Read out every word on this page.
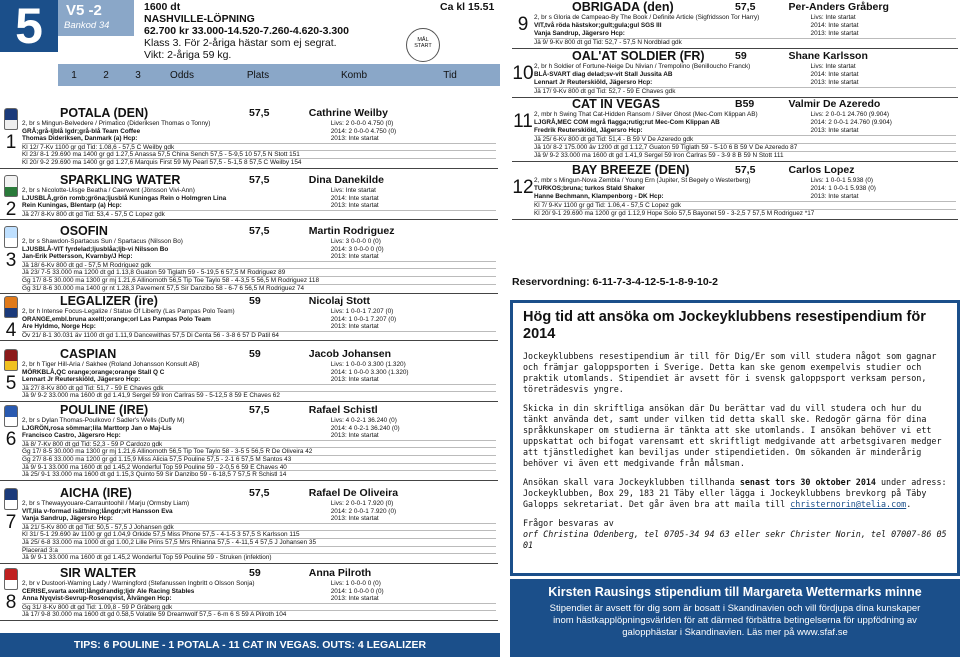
5	V5 -2
Bankod 34
1600 dt
NASHVILLE-LÖPNING
62.700 kr 33.000-14.520-7.260-4.620-3.300
Klass 3. För 2-åriga hästar som ej segrat.
Vikt: 2-åriga 59 kg.
Ca kl 15.51
MÅL
START
1	2	3	Odds	Plats	Komb	Tid
1
POTALA (DEN)	57,5	Cathrine Weilby
2, br s Mingun-Belvedere / Primatico (Dideriksen Thomas o Tonny)	Livs: 2 0-0-0 4.750 (0)
GRÅ;grå-ljblå lgdr;grå-blå Team Coffee	2014: 2 0-0-0 4.750 (0)
Thomas Dideriksen, Danmark (a) Hcp:	2013: Inte startat
Kl 12/ 7-Kv 1100 gr gd Tid: 1.08,6 - 57,5 C Weilby gdk
Kl 23/ 8-1 29.690 ma 1400 gr gd 1.27,5 Anassa 57,5 China Sench 57,5 - 5-9,5 10 57,5 N Stott 151
Kl 20/ 9-2 29.690 ma 1400 gr gd 1.27,6 Marquis First 59 My Pearl 57,5 - 5-1,5 8 57,5 C Weilby 154
2
SPARKLING WATER	57,5	Dina Danekilde
2, br s Nicolotte-Uisge Beatha / Caerwent (Jönsson Vivi-Ann)	Livs: Inte startat
LJUSBLÅ,grön romb;gröna;ljusblå Kuningas Rein o Holmgren Lina	2014: Inte startat
Rein Kuningas, Blentarp (a) Hcp:	2013: Inte startat
Jä 27/ 8-Kv 800 dt gd Tid: 53,4 - 57,5 C Lopez gdk
3
OSOFIN	57,5	Martin Rodriguez
2, br s Shawdon-Spartacus Sun / Spartacus (Nilsson Bo)	Livs: 3 0-0-0 0 (0)
LJUSBLÅ-VIT fyrdelad;ljusblåa;ljb-vi Nilsson Bo	2014: 3 0-0-0 0 (0)
Jan-Erik Pettersson, Kvarnby/J Hcp:	2013: Inte startat
Jä 18/ 6-Kv 800 dt gd - 57,5 M Rodriguez gdk
Jä 23/ 7-5 33.000 ma 1200 dt gd 1.13,8 Guaton 59 Tiglath 59 - 5-19,5 6 57,5 M Rodriguez 89
Gg 17/ 8-5 30.000 ma 1300 gr mj 1.21,6 Allinornoth 56,5 Tip Toe Taylo 58 - 4-3,5 5 56,5 M Rodriguez 118
Gg 31/ 8-6 30.000 ma 1400 gr nt 1.28,3 Pavement 57,5 Sir Danzibo 58 - 6-7 6 56,5 M Rodriguez 74
4
LEGALIZER (ire)	59	Nicolaj Stott
2, br h Intense Focus-Legalize / Statue Of Liberty (Las Pampas Polo Team)	Livs: 1 0-0-1 7.207 (0)
ORANGE,embl.bruna axeltl;orange;orl Las Pampas Polo Team	2014: 1 0-0-1 7.207 (0)
Are Hyldmo, Norge Hcp:	2013: Inte startat
Öv 21/ 8-1 30.031 äv 1100 dt gd 1.11,9 Dancewithas 57,5 Di Centa 56 - 3-8 6 57 D Patil 64
5
CASPIAN	59	Jacob Johansen
2, br h Tiger Hill-Aria / Sakhee (Roland Johansson Konsult AB)	Livs: 1 0-0-0 3.300 (1.320)
MÖRKBLÅ,QC orange;orange;orange Stall Q C	2014: 1 0-0-0 3.300 (1.320)
Lennart Jr Reuterskiöld, Jägersro Hcp:	2013: Inte startat
Jä 27/ 8-Kv 800 dt gd Tid: 51,7 - 59 E Chaves gdk
Jä 9/ 9-2 33.000 ma 1600 dt gd 1.41,9 Sergel 59 Iron Carlras 59 - 5-12,5 8 59 E Chaves 62
6
POULINE (IRE)	57,5	Rafael Schistl
2, br s Dylan Thomas-Poulkovo / Sadler's Wells (Duffy M)	Livs: 4 0-2-1 36.240 (0)
LJGRÖN,rosa sömmar;lila Marttorp Jan o Maj-Lis	2014: 4 0-2-1 36.240 (0)
Francisco Castro, Jägersro Hcp:	2013: Inte startat
Jä 8/ 7-Kv 800 dt gd Tid: 52,3 - 59 P Cardozo gdk
Gg 17/ 8-5 30.000 ma 1300 gr mj 1.21,6 Allinornoth 56,5 Tip Toe Taylo 58 - 3-5 5 56,5 R De Oliveira 42
Gg 27/ 8-6 33.000 ma 1200 gr gd 1.15,9 Miss Alicia 57,5 Pouline 57,5 - 2-1 6 57,5 M Santos 43
Jä 9/ 9-1 33.000 ma 1600 dt gd 1.45,2 Wonderful Top 59 Pouline 59 - 2-0,5 6 59 E Chaves 40
Jä 25/ 9-1 33.000 ma 1600 dt gd 1.15,3 Quinto 59 Sir Danzibo 59 - 6-18,5 7 57,5 R Schistl 14
7
AICHA (IRE)	57,5	Rafael De Oliveira
2, br s Thewayyouare-Carrauntoohil / Marju (Ormsby Liam)	Livs: 2 0-0-1 7.920 (0)
VIT,lila v-formad isättning;långdr;vit Hansson Eva	2014: 2 0-0-1 7.920 (0)
Vanja Sandrup, Jägersro Hcp:	2013: Inte startat
Jä 21/ 5-Kv 800 dt gd Tid: 50,5 - 57,5 J Johansen gdk
Kl 31/ 5-1 29.690 äv 1100 gr gd 1.04,9 Orkide 57,5 Miss Phone 57,5 - 4-1-5 3 57,5 S Karlsson 115
Jä 25/ 6-8 33.000 ma 1000 dt gd 1.00,2 Lille Prins 57,5 Mrs Rhianna 57,5 - 4-11,5 4 57,5 J Johansen 35
Placerad 3:a
Jä 9/ 9-1 33.000 ma 1600 dt gd 1.45,2 Wonderful Top 59 Pouline 59 - Struken (infektion)
8
SIR WALTER	59	Anna Pilroth
2, br v Dustoori-Warning Lady / Warningford (Stefanussen Ingbritt o Olsson Sonja)	Livs: 1 0-0-0 0 (0)
CERISE,svarta axeltl;långdrandig;ljdr Ale Racing Stables	2014: 1 0-0-0 0 (0)
Anna Nyqvist-Sevrup-Rosenqvist, Ålvängen Hcp:	2013: Inte startat
Gg 31/ 8-Kv 800 dt gd Tid: 1.09,8 - 59 P Grâberg gdk
Jä 17/ 9-8 30.000 ma 1600 dt gd 0.58,5 Volatile 59 Dreamwolf 57,5 - 6-m 6 S 59 A Pilroth 104
9
OBRIGADA (den)	57,5	Per-Anders Gråberg
2, br s Gloria de Campeao-By The Book / Definite Article (Sigfridsson Tor Harry)	Livs: Inte startat
VIT,två röda hästskor;gult;gula;gul SGS III	2014: Inte startat
Vanja Sandrup, Jägersro Hcp:	2013: Inte startat
Jä 9/ 9-Kv 800 dt gd Tid: 52,7 - 57,5 N Nordblad gdk
10
OAL'AT SOLDIER (FR)	59	Shane Karlsson
2, br h Soldier of Fortune-Neige Du Nivian / Trempolino (Benilloucho Franck)	Livs: Inte startat
BLÅ-SVART diag delad;sv-vit Stall Jussita AB	2014: Inte startat
Lennart Jr Reuterskiöld, Jägersro Hcp:	2013: Inte startat
Jä 17/ 9-Kv 800 dt gd Tid: 52,7 - 59 E Chaves gdk
11
CAT IN VEGAS	B59	Valmir De Azeredo
2, mbr h Swing That Cat-Hidden Ransom / Silver Ghost (Mec-Com Klippan AB)	Livs: 2 0-0-1 24.760 (9.904)
LJGRÅ,MEC COM mgrå flagga;rutig;rut Mec-Com Klippan AB	2014: 2 0-0-1 24.760 (9.904)
Fredrik Reuterskiöld, Jägersro Hcp:	2013: Inte startat
Jä 25/ 6-Kv 800 dt gd Tid: 51,4 - B 59 V De Azeredo gdk
Jä 10/ 8-2 175.000 äv 1200 dt gd 1.12,7 Guaton 59 Tiglath 59 - 5-10 6 B 59 V De Azeredo 87
Jä 9/ 9-2 33.000 ma 1600 dt gd 1.41,9 Sergel 59 Iron Carlras 59 - 3-9 8 B 59 N Stott 111
12
BAY BREEZE (DEN)	57,5	Carlos Lopez
2, mbr s Mingun-Nova Zembla / Young Ern (Jupiter, St Begely o Westerberg)	Livs: 1 0-0-1 5.938 (0)
TURKOS;bruna; turkos Stald Shaker	2014: 1 0-0-1 5.938 (0)
Hanne Bechmann, Klampenborg - DK Hcp:	2013: Inte startat
Kl 7/ 9-Kv 1100 gr gd Tid: 1.06,4 - 57,5 C Lopez gdk
Kl 20/ 9-1 29.690 ma 1200 gr gd 1.12,9 Hope Solo 57,5 Bayonet 59 - 3-2,5 7 57,5 M Rodriguez *17
TIPS: 6 POULINE - 1 POTALA - 11 CAT IN VEGAS. OUTS: 4 LEGALIZER
Reservordning: 6-11-7-3-4-12-5-1-8-9-10-2
Hög tid att ansöka om Jockeyklubbens resestipendium för 2014

Jockeyklubbens resestipendium är till för Dig/Er som vill studera något som gagnar och främjar galoppsporten i Sverige. Detta kan ske genom exempelvis studier och praktik utomlands. Stipendiet är avsett för i svensk galoppsport verksam person, töreträdesvis yngre.

Skicka in din skriftliga ansökan där Du berättar vad du vill studera och hur du tänkt använda det, samt under vilken tid detta skall ske. Redogör gärna för dina språkkunskaper om studierna är tänkta att ske utomlands. I ansökan behöver vi ett uppskattat och bifogat varensamt ett skriftligt medgivande att arbetsgivaren medger att tjänstledighet kan beviljas under stipendietiden. Om sökanden är minderårig behöver vi även ett medgivande från målsman.

Ansökan skall vara Jockeyklubben tillhanda senast tors 30 oktober 2014 under adress: Jockeyklubben, Box 29, 183 21 Täby eller lägga i Jockeyklubbens brevkorg på Täby Galopps sekretariat. Det går även bra att maila till christernorin@telia.com.

Frågor besvaras av

orf Christina Odenberg, tel 0705-34 94 63 eller sekr Christer Norin, tel 07007-86 05 01

Kirsten Rausings stipendium till Margareta Wettermarks minne
Stipendiet är avsett för dig som är bosatt i Skandinavien och vill fördjupa dina kunskaper inom hästkapplöpningsvärlden för att därmed förbättra betingelserna för uppfödning av galopphästar i Skandinavien. Läs mer på www.sfaf.se
